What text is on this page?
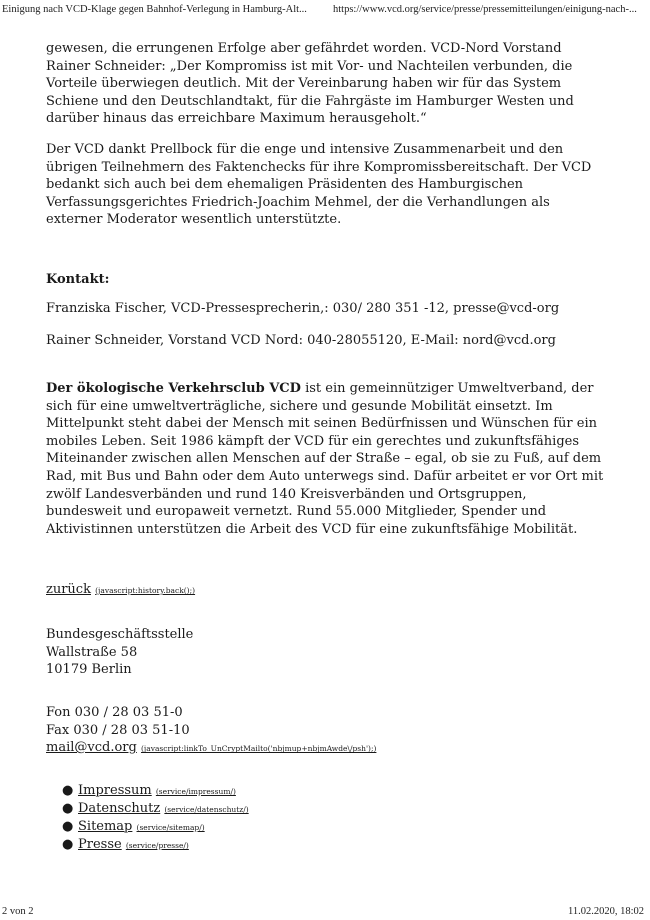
Einigung nach VCD-Klage gegen Bahnhof-Verlegung in Hamburg-Alt... https://www.vcd.org/service/presse/pressemitteilungen/einigung-nach-...

gewesen, die errungenen Erfolge aber gefährdet worden. VCD-Nord Vorstand Rainer Schneider: „Der Kompromiss ist mit Vor- und Nachteilen verbunden, die Vorteile überwiegen deutlich. Mit der Vereinbarung haben wir für das System Schiene und den Deutschlandtakt, für die Fahrgäste im Hamburger Westen und darüber hinaus das erreichbare Maximum herausgeholt.“

Der VCD dankt Prellbock für die enge und intensive Zusammenarbeit und den übrigen Teilnehmern des Faktenchecks für ihre Kompromissbereitschaft. Der VCD bedankt sich auch bei dem ehemaligen Präsidenten des Hamburgischen Verfassungsgerichtes Friedrich-Joachim Mehmel, der die Verhandlungen als externer Moderator wesentlich unterstützte.

Kontakt:
Franziska Fischer, VCD-Pressesprecherin,: 030/ 280 351 -12, presse@vcd-org
Rainer Schneider, Vorstand VCD Nord: 040-28055120, E-Mail: nord@vcd.org
Der ökologische Verkehrsclub VCD ist ein gemeinnütziger Umweltverband, der sich für eine umweltverträgliche, sichere und gesunde Mobilität einsetzt. Im Mittelpunkt steht dabei der Mensch mit seinen Bedürfnissen und Wünschen für ein mobiles Leben. Seit 1986 kämpft der VCD für ein gerechtes und zukunftsfähiges Miteinander zwischen allen Menschen auf der Straße – egal, ob sie zu Fuß, auf dem Rad, mit Bus und Bahn oder dem Auto unterwegs sind. Dafür arbeitet er vor Ort mit zwölf Landesverbänden und rund 140 Kreisverbänden und Ortsgruppen, bundesweit und europaweit vernetzt. Rund 55.000 Mitglieder, Spender und Aktivistinnen unterstützen die Arbeit des VCD für eine zukunftsfähige Mobilität.
zurück (javascript:history.back();)
Bundesgeschäftsstelle
Wallstraße 58
10179 Berlin
Fon 030 / 28 03 51-0
Fax 030 / 28 03 51-10
mail@vcd.org (javascript:linkTo_UnCryptMailto('nbjmup+nbjmAwde\/psh');)
● Impressum (service/impressum/)
● Datenschutz (service/datenschutz/)
● Sitemap (service/sitemap/)
● Presse (service/presse/)
2 von 2	11.02.2020, 18:02
